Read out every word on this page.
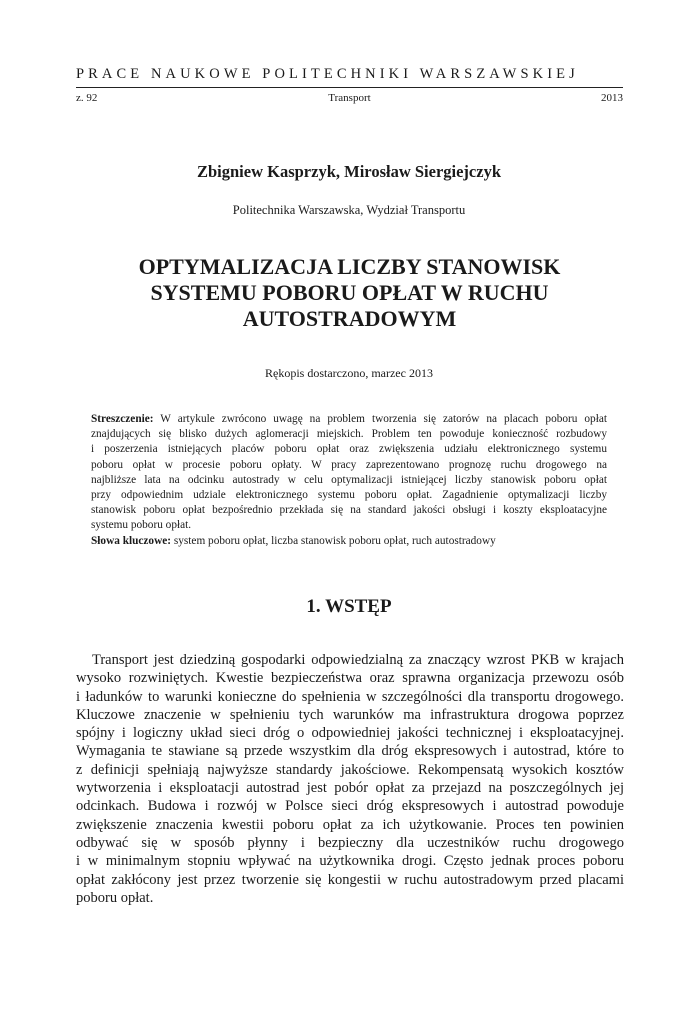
PRACE NAUKOWE POLITECHNIKI WARSZAWSKIEJ
z. 92	Transport	2013
Zbigniew Kasprzyk, Mirosław Siergiejczyk
Politechnika Warszawska, Wydział Transportu
OPTYMALIZACJA LICZBY STANOWISK
SYSTEMU POBORU OPŁAT W RUCHU
AUTOSTRADOWYM
Rękopis dostarczono, marzec 2013
Streszczenie: W artykule zwrócono uwagę na problem tworzenia się zatorów na placach poboru opłat
znajdujących się blisko dużych aglomeracji miejskich. Problem ten powoduje konieczność rozbudowy
i poszerzenia istniejących placów poboru opłat oraz zwiększenia udziału elektronicznego systemu
poboru opłat w procesie poboru opłaty. W pracy zaprezentowano prognozę ruchu drogowego na
najbliższe lata na odcinku autostrady w celu optymalizacji istniejącej liczby stanowisk poboru opłat
przy odpowiednim udziale elektronicznego systemu poboru opłat. Zagadnienie optymalizacji liczby
stanowisk poboru opłat bezpośrednio przekłada się na standard jakości obsługi i koszty eksploatacyjne
systemu poboru opłat.
Słowa kluczowe: system poboru opłat, liczba stanowisk poboru opłat, ruch autostradowy
1. WSTĘP
Transport jest dziedziną gospodarki odpowiedzialną za znaczący wzrost PKB w krajach
wysoko rozwiniętych. Kwestie bezpieczeństwa oraz sprawna organizacja przewozu osób
i ładunków to warunki konieczne do spełnienia w szczególności dla transportu drogowego.
Kluczowe znaczenie w spełnieniu tych warunków ma infrastruktura drogowa poprzez
spójny i logiczny układ sieci dróg o odpowiedniej jakości technicznej i eksploatacyjnej.
Wymagania te stawiane są przede wszystkim dla dróg ekspresowych i autostrad, które to
z definicji spełniają najwyższe standardy jakościowe. Rekompensatą wysokich kosztów
wytworzenia i eksploatacji autostrad jest pobór opłat za przejazd na poszczególnych jej
odcinkach. Budowa i rozwój w Polsce sieci dróg ekspresowych i autostrad powoduje
zwiększenie znaczenia kwestii poboru opłat za ich użytkowanie. Proces ten powinien
odbywać się w sposób płynny i bezpieczny dla uczestników ruchu drogowego
i w minimalnym stopniu wpływać na użytkownika drogi. Często jednak proces poboru
opłat zakłócony jest przez tworzenie się kongestii w ruchu autostradowym przed placami
poboru opłat.
